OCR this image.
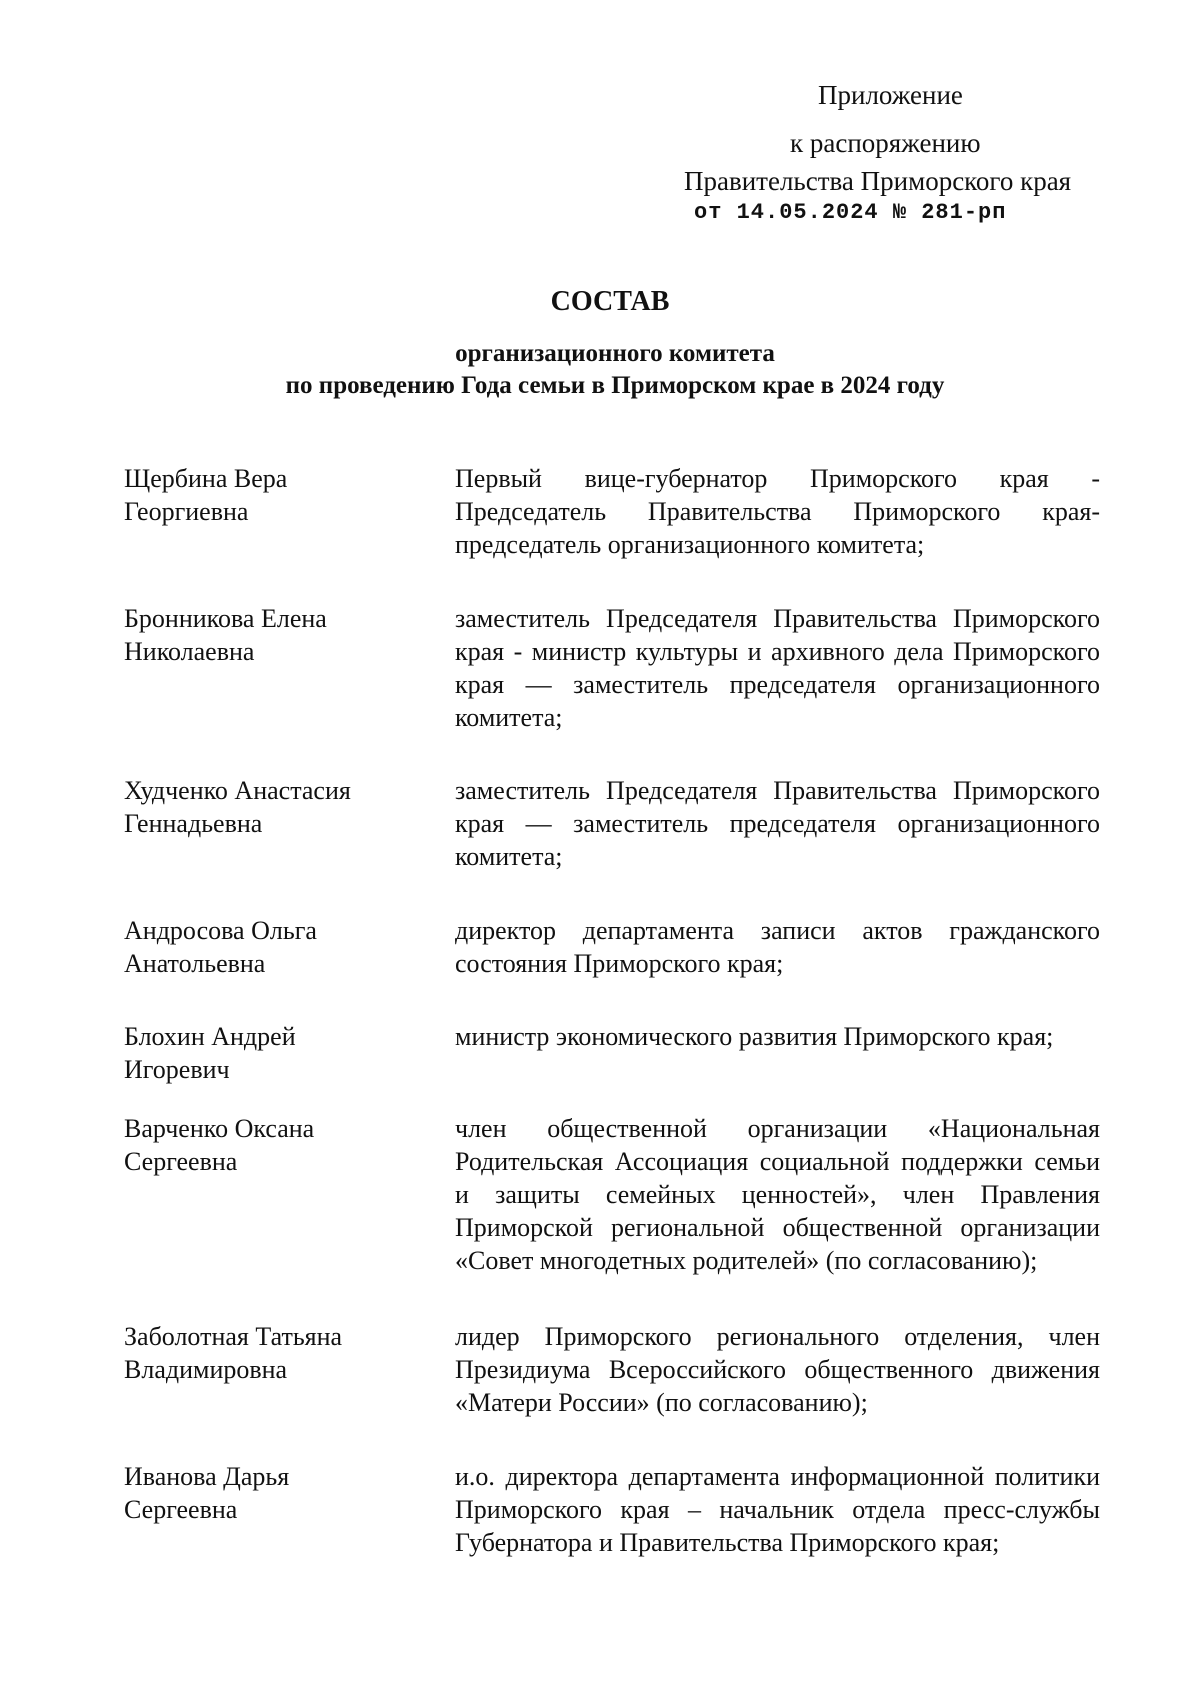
Приложение
к распоряжению
Правительства Приморского края
от 14.05.2024 № 281-рп
СОСТАВ
организационного комитета
по проведению Года семьи в Приморском крае в 2024 году
Щербина Вера
Георгиевна
Первый вице-губернатор Приморского края - Председатель Правительства Приморского края- председатель организационного комитета;
Бронникова Елена
Николаевна
заместитель Председателя Правительства Приморского края - министр культуры и архивного дела Приморского края — заместитель председателя организационного комитета;
Худченко Анастасия
Геннадьевна
заместитель Председателя Правительства Приморского края — заместитель председателя организационного комитета;
Андросова Ольга
Анатольевна
директор департамента записи актов гражданского состояния Приморского края;
Блохин Андрей
Игоревич
министр экономического развития Приморского края;
Варченко Оксана
Сергеевна
член общественной организации «Национальная Родительская Ассоциация социальной поддержки семьи и защиты семейных ценностей», член Правления Приморской региональной общественной организации «Совет многодетных родителей» (по согласованию);
Заболотная Татьяна
Владимировна
лидер Приморского регионального отделения, член Президиума Всероссийского общественного движения «Матери России» (по согласованию);
Иванова Дарья
Сергеевна
и.о. директора департамента информационной политики Приморского края – начальник отдела пресс-службы Губернатора и Правительства Приморского края;
